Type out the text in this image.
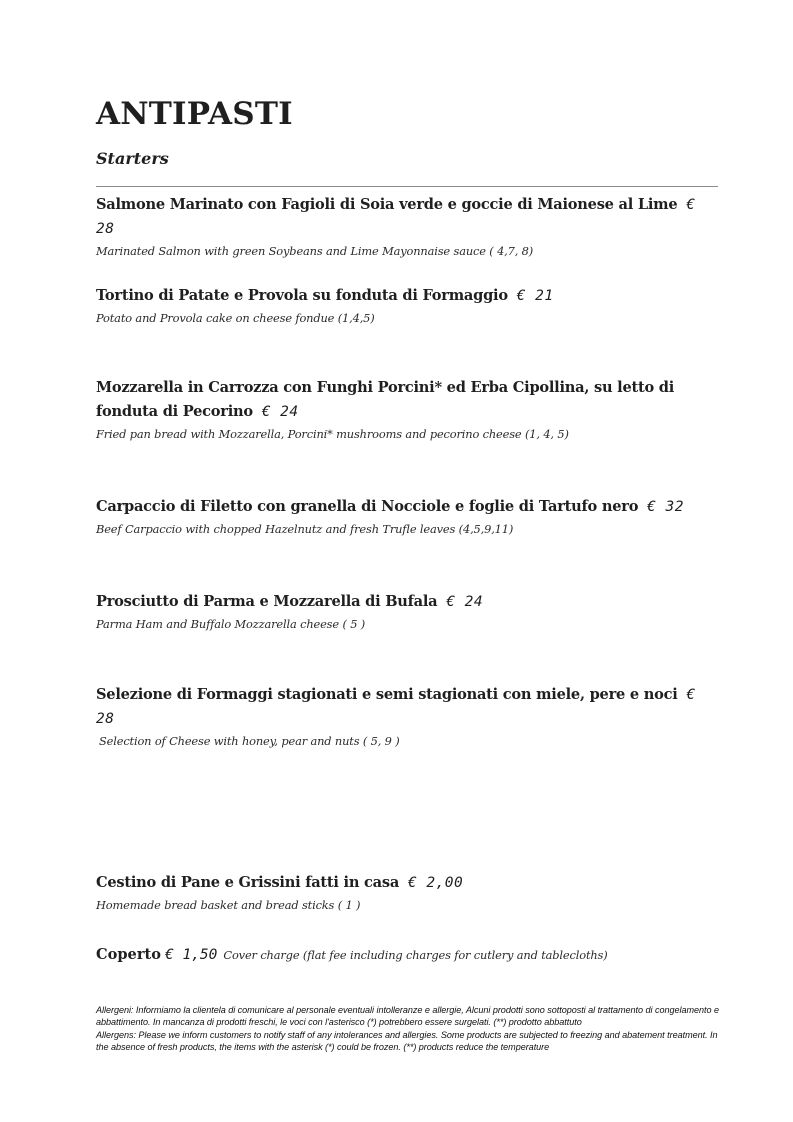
ANTIPASTI
Starters

Salmone Marinato con Fagioli di Soia verde e goccie di Maionese al Lime € 28

Marinated Salmon with green Soybeans and Lime Mayonnaise sauce ( 4,7, 8)

Tortino di Patate e Provola su fonduta di Formaggio € 21

Potato and Provola cake on cheese fondue (1,4,5)

Mozzarella in Carrozza con Funghi Porcini* ed Erba Cipollina, su letto di fonduta di Pecorino € 24

Fried pan bread with Mozzarella, Porcini* mushrooms and pecorino cheese (1, 4, 5)

Carpaccio di Filetto con granella di Nocciole e foglie di Tartufo nero € 32

Beef Carpaccio with chopped Hazelnutz and fresh Trufle leaves (4,5,9,11)

Prosciutto di Parma e Mozzarella di Bufala € 24

Parma Ham and Buffalo Mozzarella cheese ( 5 )

Selezione di Formaggi stagionati e semi stagionati con miele, pere e noci € 28

Selection of Cheese with honey, pear and nuts ( 5, 9 )

Cestino di Pane e Grissini fatti in casa € 2,00

Homemade bread basket and bread sticks ( 1 )

Coperto € 1,50 Cover charge (flat fee including charges for cutlery and tablecloths)

Allergeni: Informiamo la clientela di comunicare al personale eventuali intolleranze e allergie, Alcuni prodotti sono sottoposti al trattamento di congelamento e abbattimento. In mancanza di prodotti freschi, le voci con l'asterisco (*) potrebbero essere surgelati. (**) prodotto abbattuto

Allergens: Please we inform customers to notify staff of any intolerances and allergies. Some products are subjected to freezing and abatement treatment. In the absence of fresh products, the items with the asterisk (*) could be frozen. (**) products reduce the temperature
